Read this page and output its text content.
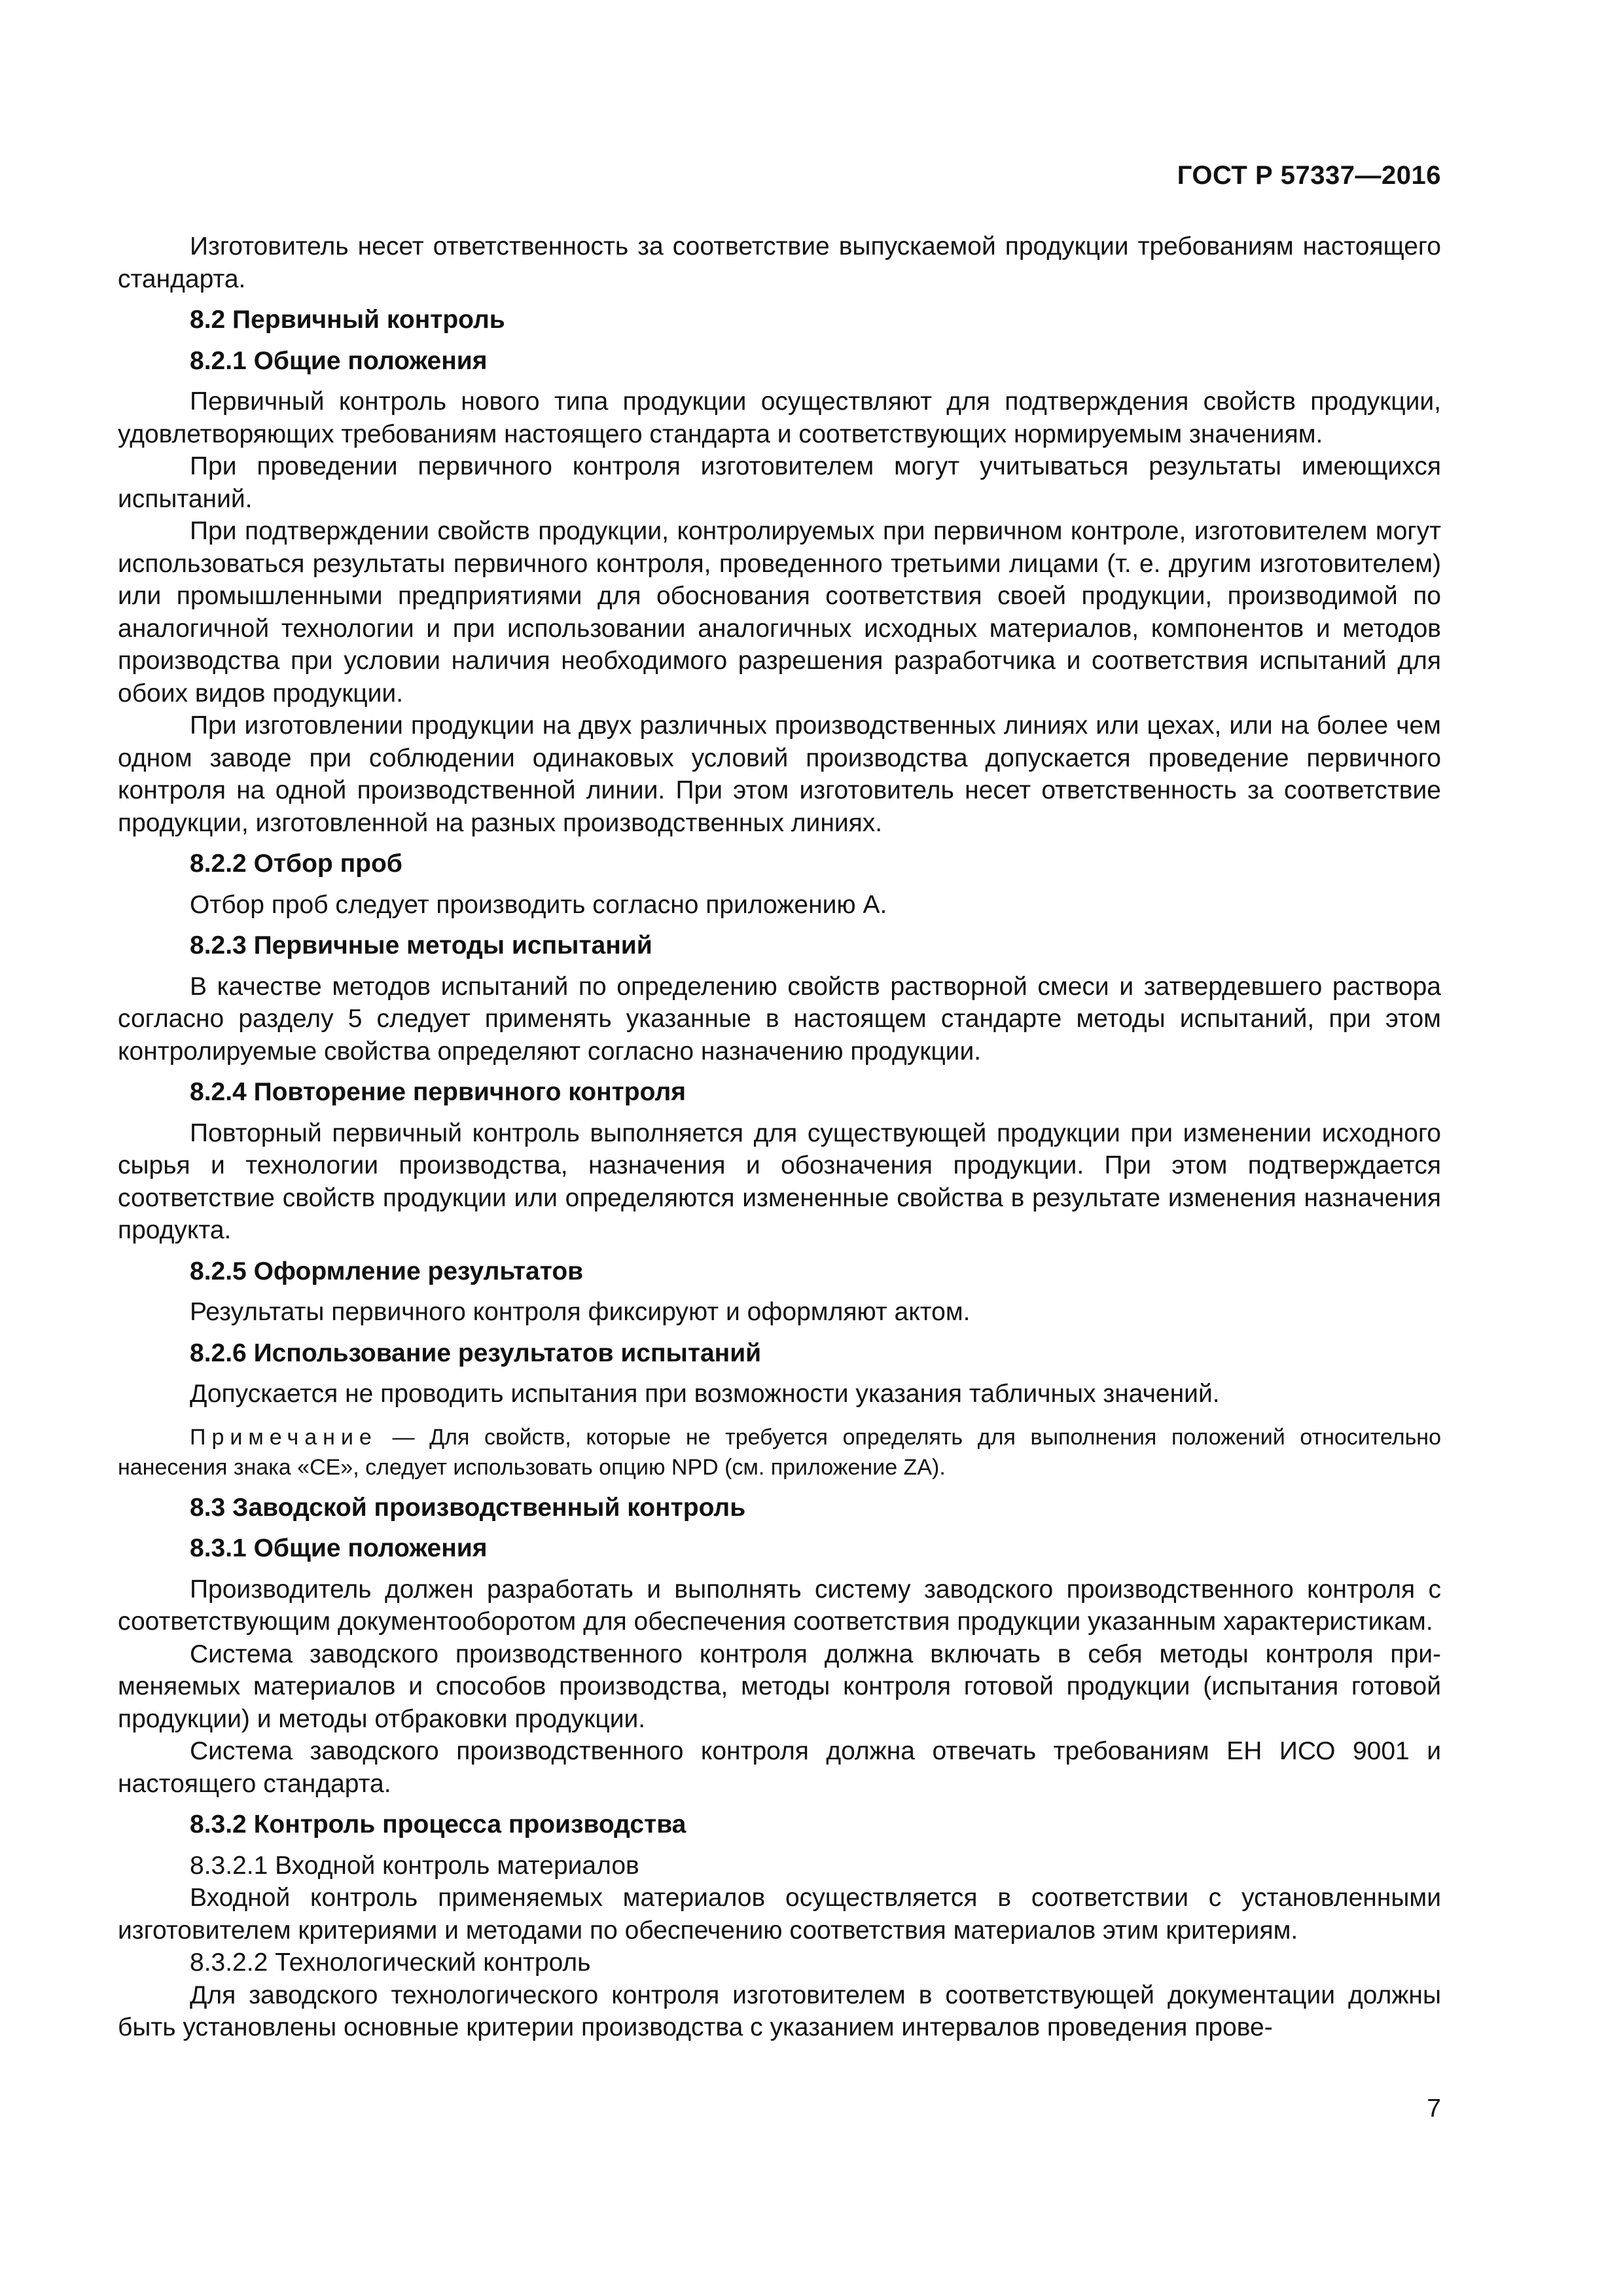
ГОСТ Р 57337—2016

Изготовитель несет ответственность за соответствие выпускаемой продукции требованиям настоящего стандарта.

8.2 Первичный контроль
8.2.1 Общие положения

Первичный контроль нового типа продукции осуществляют для подтверждения свойств продукции, удовлетворяющих требованиям настоящего стандарта и соответствующих нормируемым значениям.

При проведении первичного контроля изготовителем могут учитываться результаты имеющихся испытаний.

При подтверждении свойств продукции, контролируемых при первичном контроле, изготовителем могут использоваться результаты первичного контроля, проведенного третьими лицами (т. е. другим изготовителем) или промышленными предприятиями для обоснования соответствия своей продукции, производимой по аналогичной технологии и при использовании аналогичных исходных материалов, компонентов и методов производства при условии наличия необходимого разрешения разработчика и соответствия испытаний для обоих видов продукции.

При изготовлении продукции на двух различных производственных линиях или цехах, или на более чем одном заводе при соблюдении одинаковых условий производства допускается проведение первичного контроля на одной производственной линии. При этом изготовитель несет ответственность за соответствие продукции, изготовленной на разных производственных линиях.

8.2.2 Отбор проб

Отбор проб следует производить согласно приложению А.

8.2.3 Первичные методы испытаний

В качестве методов испытаний по определению свойств растворной смеси и затвердевшего раствора согласно разделу 5 следует применять указанные в настоящем стандарте методы испытаний, при этом контролируемые свойства определяют согласно назначению продукции.

8.2.4 Повторение первичного контроля

Повторный первичный контроль выполняется для существующей продукции при изменении исходного сырья и технологии производства, назначения и обозначения продукции. При этом подтверждается соответствие свойств продукции или определяются измененные свойства в результате изменения назначения продукта.

8.2.5 Оформление результатов

Результаты первичного контроля фиксируют и оформляют актом.

8.2.6 Использование результатов испытаний

Допускается не проводить испытания при возможности указания табличных значений.

Примечание — Для свойств, которые не требуется определять для выполнения положений относительно нанесения знака «CE», следует использовать опцию NPD (см. приложение ZA).

8.3 Заводской производственный контроль
8.3.1 Общие положения

Производитель должен разработать и выполнять систему заводского производственного контроля с соответствующим документооборотом для обеспечения соответствия продукции указанным характеристикам.

Система заводского производственного контроля должна включать в себя методы контроля применяемых материалов и способов производства, методы контроля готовой продукции (испытания готовой продукции) и методы отбраковки продукции.

Система заводского производственного контроля должна отвечать требованиям ЕН ИСО 9001 и настоящего стандарта.

8.3.2 Контроль процесса производства
8.3.2.1 Входной контроль материалов

Входной контроль применяемых материалов осуществляется в соответствии с установленными изготовителем критериями и методами по обеспечению соответствия материалов этим критериям.

8.3.2.2 Технологический контроль

Для заводского технологического контроля изготовителем в соответствующей документации должны быть установлены основные критерии производства с указанием интервалов проведения прове-

7
